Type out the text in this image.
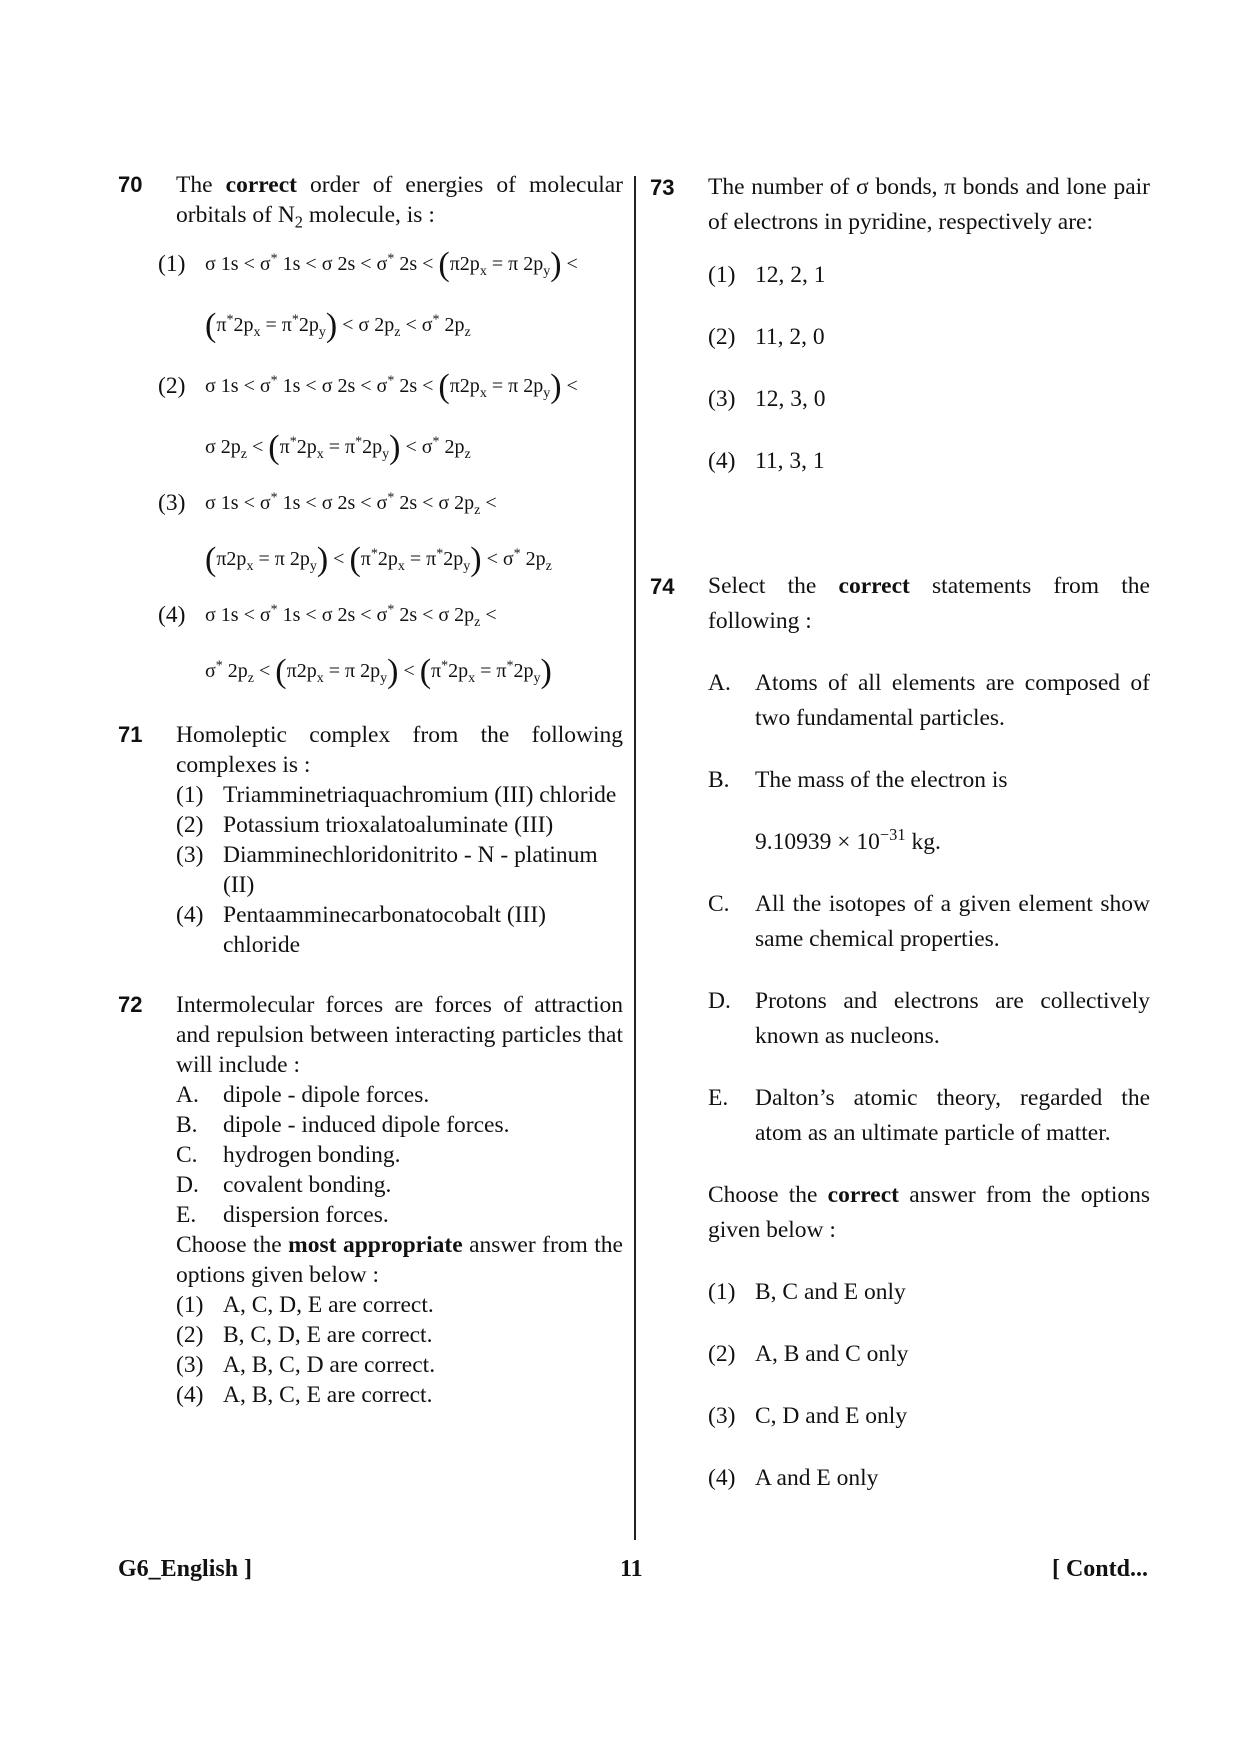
70 The correct order of energies of molecular orbitals of $N_2$ molecule, is :
(1) σ 1s < σ* 1s < σ 2s < σ* $2s < (\pi 2p_x = \pi$ $2p_y$) <
$(\pi^*2p_x = \pi^*2p_y) < \sigma$ $2p_z < \sigma^*$ $2p_z$
(2) σ 1s < σ* 1s < σ 2s < σ* $2s < (\pi 2p_x = \pi$ $2p_y$) <
σ $2p_z < (\pi^*2p_x = \pi^*2p_y) < \sigma^*$ $2p_z$
(3) σ 1s < σ* 1s < σ 2s < σ* 2s < σ $2p_z$ <
($\pi 2p_x = \pi$ $2p_y) < (\pi^*2p_x = \pi^*2p_y) < \sigma^*$ $2p_z$
(4) σ 1s < σ* 1s < σ 2s < σ* 2s < σ $2p_z$ <
σ* $2p_z < (\pi 2p_x = \pi$ $2p_y) < (\pi^*2p_x = \pi^*2p_y)$
71 Homoleptic complex from the following complexes is :
(1) Triamminetriaquachromium (III) chloride
(2) Potassium trioxalatoaluminate (III)
(3) Diamminechloridonitrito - N - platinum (II)
(4) Pentaamminecarbonatocobalt (III) chloride
72 Intermolecular forces are forces of attraction and repulsion between interacting particles that will include :
A. dipole - dipole forces.
B. dipole - induced dipole forces.
C. hydrogen bonding.
D. covalent bonding.
E. dispersion forces.
Choose the most appropriate answer from the options given below :
(1) A, C, D, E are correct.
(2) B, C, D, E are correct.
(3) A, B, C, D are correct.
(4) A, B, C, E are correct.
73 The number of σ bonds, π bonds and lone pair of electrons in pyridine, respectively are:
(1) 12, 2, 1
(2) 11, 2, 0
(3) 12, 3, 0
(4) 11, 3, 1
74 Select the correct statements from the following :
A. Atoms of all elements are composed of two fundamental particles.
B. The mass of the electron is
$9.10939 \times 10^{-31}$ kg.
C. All the isotopes of a given element show same chemical properties.
D. Protons and electrons are collectively known as nucleons.
E. Dalton’s atomic theory, regarded the atom as an ultimate particle of matter.
Choose the correct answer from the options given below :
(1) B, C and E only
(2) A, B and C only
(3) C, D and E only
(4) A and E only
G6_English ]	11	[ Contd...
